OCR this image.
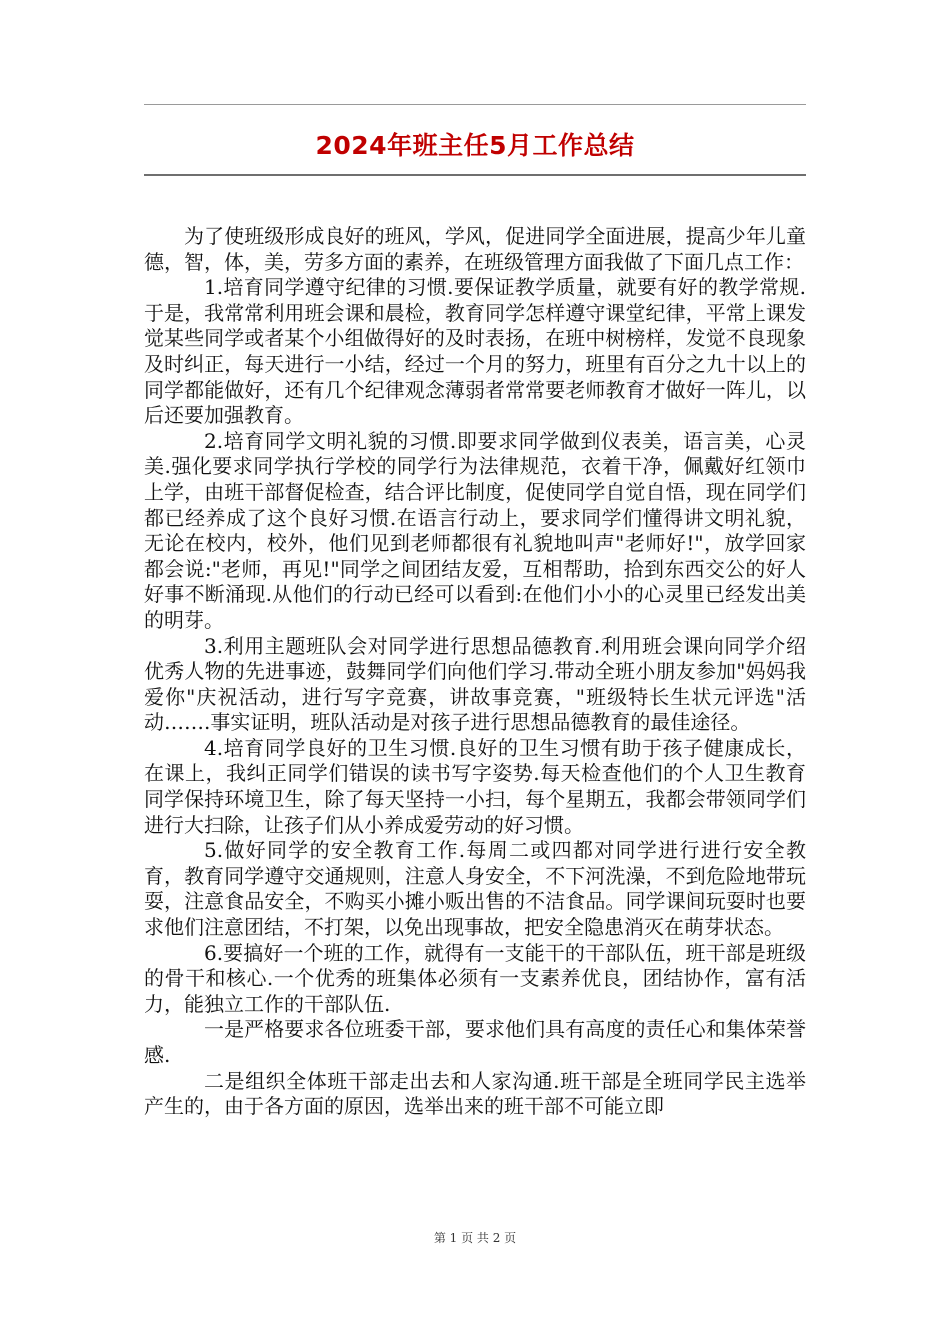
2024年班主任5月工作总结

为了使班级形成良好的班风，学风，促进同学全面进展，提高少年儿童德，智，体，美，劳多方面的素养，在班级管理方面我做了下面几点工作：

1.培育同学遵守纪律的习惯.要保证教学质量，就要有好的教学常规.于是，我常常利用班会课和晨检，教育同学怎样遵守课堂纪律，平常上课发觉某些同学或者某个小组做得好的及时表扬，在班中树榜样，发觉不良现象及时纠正，每天进行一小结，经过一个月的努力，班里有百分之九十以上的同学都能做好，还有几个纪律观念薄弱者常常要老师教育才做好一阵儿，以后还要加强教育。

2.培育同学文明礼貌的习惯.即要求同学做到仪表美，语言美，心灵美.强化要求同学执行学校的同学行为法律规范，衣着干净，佩戴好红领巾上学，由班干部督促检查，结合评比制度，促使同学自觉自悟，现在同学们都已经养成了这个良好习惯.在语言行动上，要求同学们懂得讲文明礼貌，无论在校内，校外，他们见到老师都很有礼貌地叫声"老师好!"，放学回家都会说:"老师，再见!"同学之间团结友爱，互相帮助，拾到东西交公的好人好事不断涌现.从他们的行动已经可以看到:在他们小小的心灵里已经发出美的明芽。

3.利用主题班队会对同学进行思想品德教育.利用班会课向同学介绍优秀人物的先进事迹，鼓舞同学们向他们学习.带动全班小朋友参加"妈妈我爱你"庆祝活动，进行写字竞赛，讲故事竞赛，"班级特长生状元评选"活动…….事实证明，班队活动是对孩子进行思想品德教育的最佳途径。

4.培育同学良好的卫生习惯.良好的卫生习惯有助于孩子健康成长，在课上，我纠正同学们错误的读书写字姿势.每天检查他们的个人卫生教育同学保持环境卫生，除了每天坚持一小扫，每个星期五，我都会带领同学们进行大扫除，让孩子们从小养成爱劳动的好习惯。

5.做好同学的安全教育工作.每周二或四都对同学进行进行安全教育，教育同学遵守交通规则，注意人身安全，不下河洗澡，不到危险地带玩耍，注意食品安全，不购买小摊小贩出售的不洁食品。同学课间玩耍时也要求他们注意团结，不打架，以免出现事故，把安全隐患消灭在萌芽状态。

6.要搞好一个班的工作，就得有一支能干的干部队伍，班干部是班级的骨干和核心.一个优秀的班集体必须有一支素养优良，团结协作，富有活力，能独立工作的干部队伍.

一是严格要求各位班委干部，要求他们具有高度的责任心和集体荣誉感.

二是组织全体班干部走出去和人家沟通.班干部是全班同学民主选举产生的，由于各方面的原因，选举出来的班干部不可能立即

第 1 页 共 2 页
